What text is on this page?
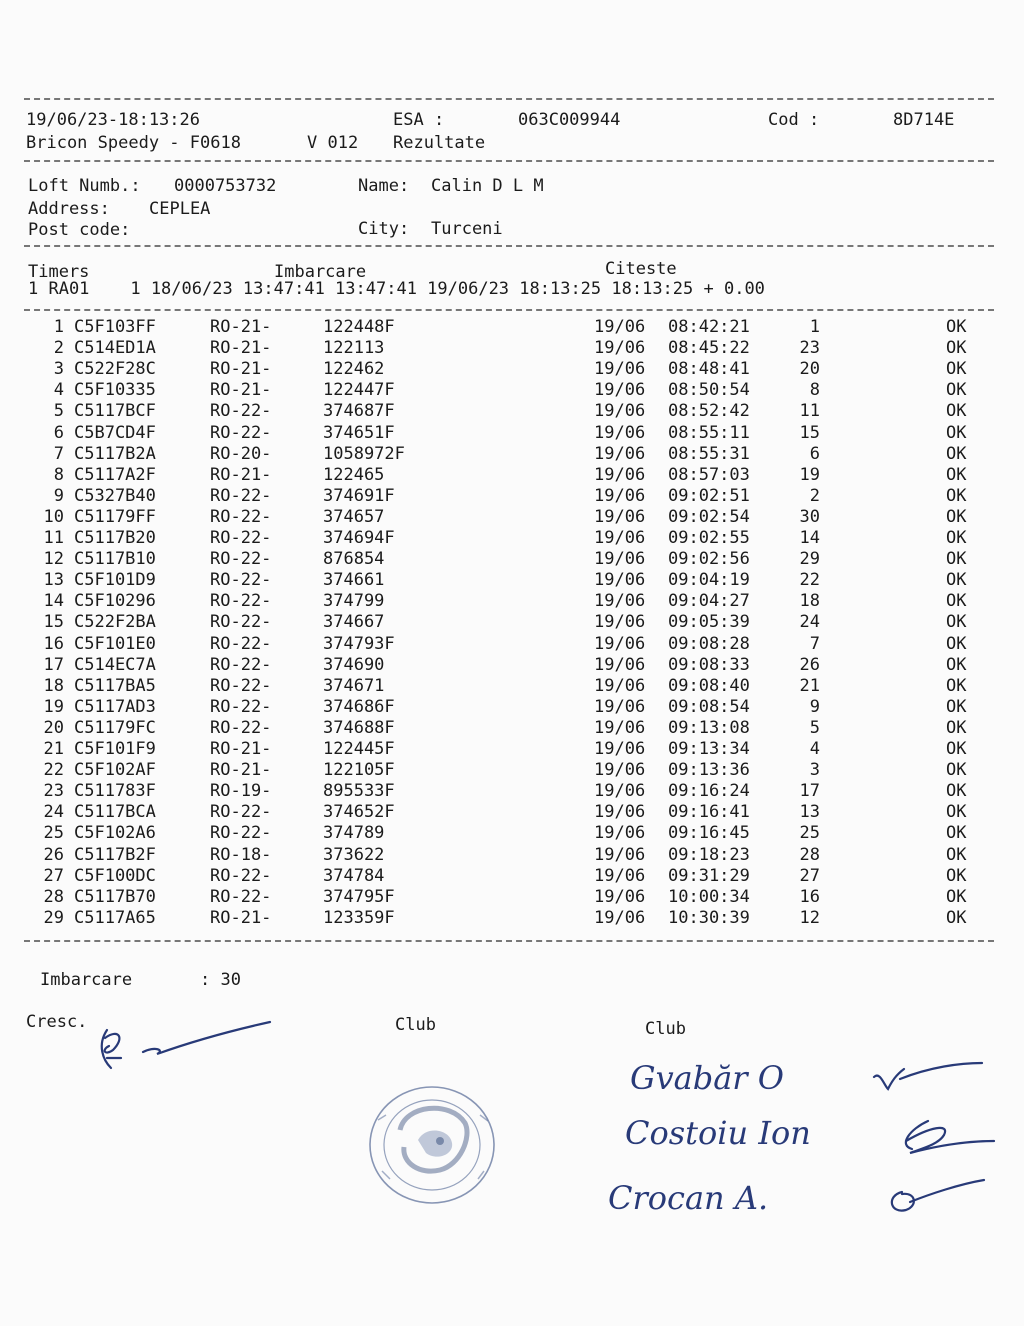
19/06/23-18:13:26	ESA :	063C009944	Cod :	8D714E
Bricon Speedy - F0618	V 012 Rezultate
Loft Numb.: 0000753732	Name: Calin D L M
Address: CEPLEA
Post code:	City: Turceni
Timers	Imbarcare	Citeste
1 RA01    1 18/06/23 13:47:41 13:47:41 19/06/23 18:13:25 18:13:25 + 0.00
1 C5F103FF	RO-21-	122448F	19/06 08:42:21	1	OK
2 C514ED1A	RO-21-	122113	19/06 08:45:22	23	OK
3 C522F28C	RO-21-	122462	19/06 08:48:41	20	OK
4 C5F10335	RO-21-	122447F	19/06 08:50:54	8	OK
5 C5117BCF	RO-22-	374687F	19/06 08:52:42	11	OK
6 C5B7CD4F	RO-22-	374651F	19/06 08:55:11	15	OK
7 C5117B2A	RO-20-	1058972F	19/06 08:55:31	6	OK
8 C5117A2F	RO-21-	122465	19/06 08:57:03	19	OK
9 C5327B40	RO-22-	374691F	19/06 09:02:51	2	OK
10 C51179FF	RO-22-	374657	19/06 09:02:54	30	OK
11 C5117B20	RO-22-	374694F	19/06 09:02:55	14	OK
12 C5117B10	RO-22-	876854	19/06 09:02:56	29	OK
13 C5F101D9	RO-22-	374661	19/06 09:04:19	22	OK
14 C5F10296	RO-22-	374799	19/06 09:04:27	18	OK
15 C522F2BA	RO-22-	374667	19/06 09:05:39	24	OK
16 C5F101E0	RO-22-	374793F	19/06 09:08:28	7	OK
17 C514EC7A	RO-22-	374690	19/06 09:08:33	26	OK
18 C5117BA5	RO-22-	374671	19/06 09:08:40	21	OK
19 C5117AD3	RO-22-	374686F	19/06 09:08:54	9	OK
20 C51179FC	RO-22-	374688F	19/06 09:13:08	5	OK
21 C5F101F9	RO-21-	122445F	19/06 09:13:34	4	OK
22 C5F102AF	RO-21-	122105F	19/06 09:13:36	3	OK
23 C511783F	RO-19-	895533F	19/06 09:16:24	17	OK
24 C5117BCA	RO-22-	374652F	19/06 09:16:41	13	OK
25 C5F102A6	RO-22-	374789	19/06 09:16:45	25	OK
26 C5117B2F	RO-18-	373622	19/06 09:18:23	28	OK
27 C5F100DC	RO-22-	374784	19/06 09:31:29	27	OK
28 C5117B70	RO-22-	374795F	19/06 10:00:34	16	OK
29 C5117A65	RO-21-	123359F	19/06 10:30:39	12	OK
Imbarcare	: 30
Cresc.	Club	Club
Gvabăr O
Costoiu Ion
Crocan A.
